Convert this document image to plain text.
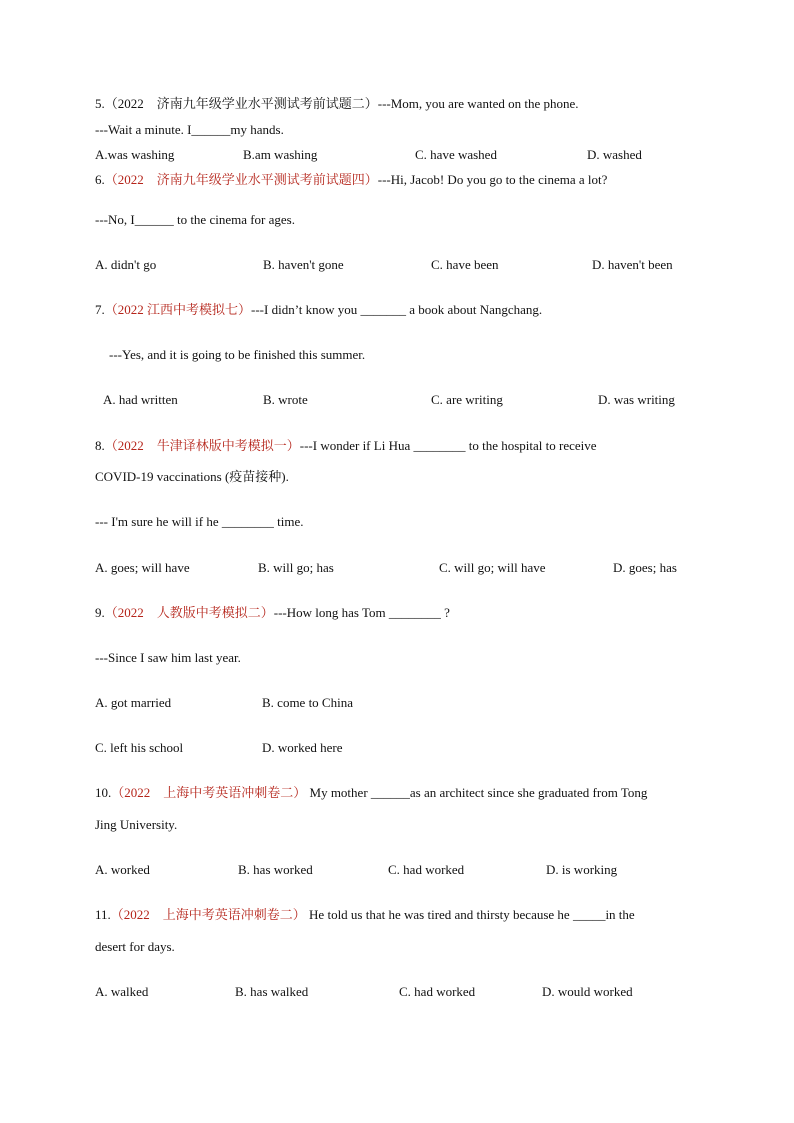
5.（2022　济南九年级学业水平测试考前试题二）---Mom, you are wanted on the phone.
---Wait a minute. I______my hands.
A.was washing	B.am washing	C. have washed	D. washed
6.（2022　济南九年级学业水平测试考前试题四）---Hi, Jacob! Do you go to the cinema a lot?
---No, I______ to the cinema for ages.
A. didn't go	B. haven't gone	C. have been	D. haven't been
7.（2022 江西中考模拟七）---I didn’t know you _______ a book about Nangchang.
---Yes, and it is going to be finished this summer.
A. had written	B. wrote	C. are writing	D. was writing
8.（2022　牛津译林版中考模拟一）---I wonder if Li Hua ________ to the hospital to receive
COVID-19 vaccinations (疫苗接种).
--- I'm sure he will if he ________ time.
A. goes; will have	B. will go; has	C. will go; will have	D. goes; has
9.（2022　人教版中考模拟二）---How long has Tom ________ ?
---Since I saw him last year.
A. got married	B. come to China
C. left his school	D. worked here
10.（2022　上海中考英语冲刺卷二） My mother ______as an architect since she graduated from Tong
Jing University.
A. worked	B. has worked	C. had worked	D. is working
11.（2022　上海中考英语冲刺卷二） He told us that he was tired and thirsty because he _____in the
desert for days.
A. walked	B. has walked	C. had worked	D. would worked
